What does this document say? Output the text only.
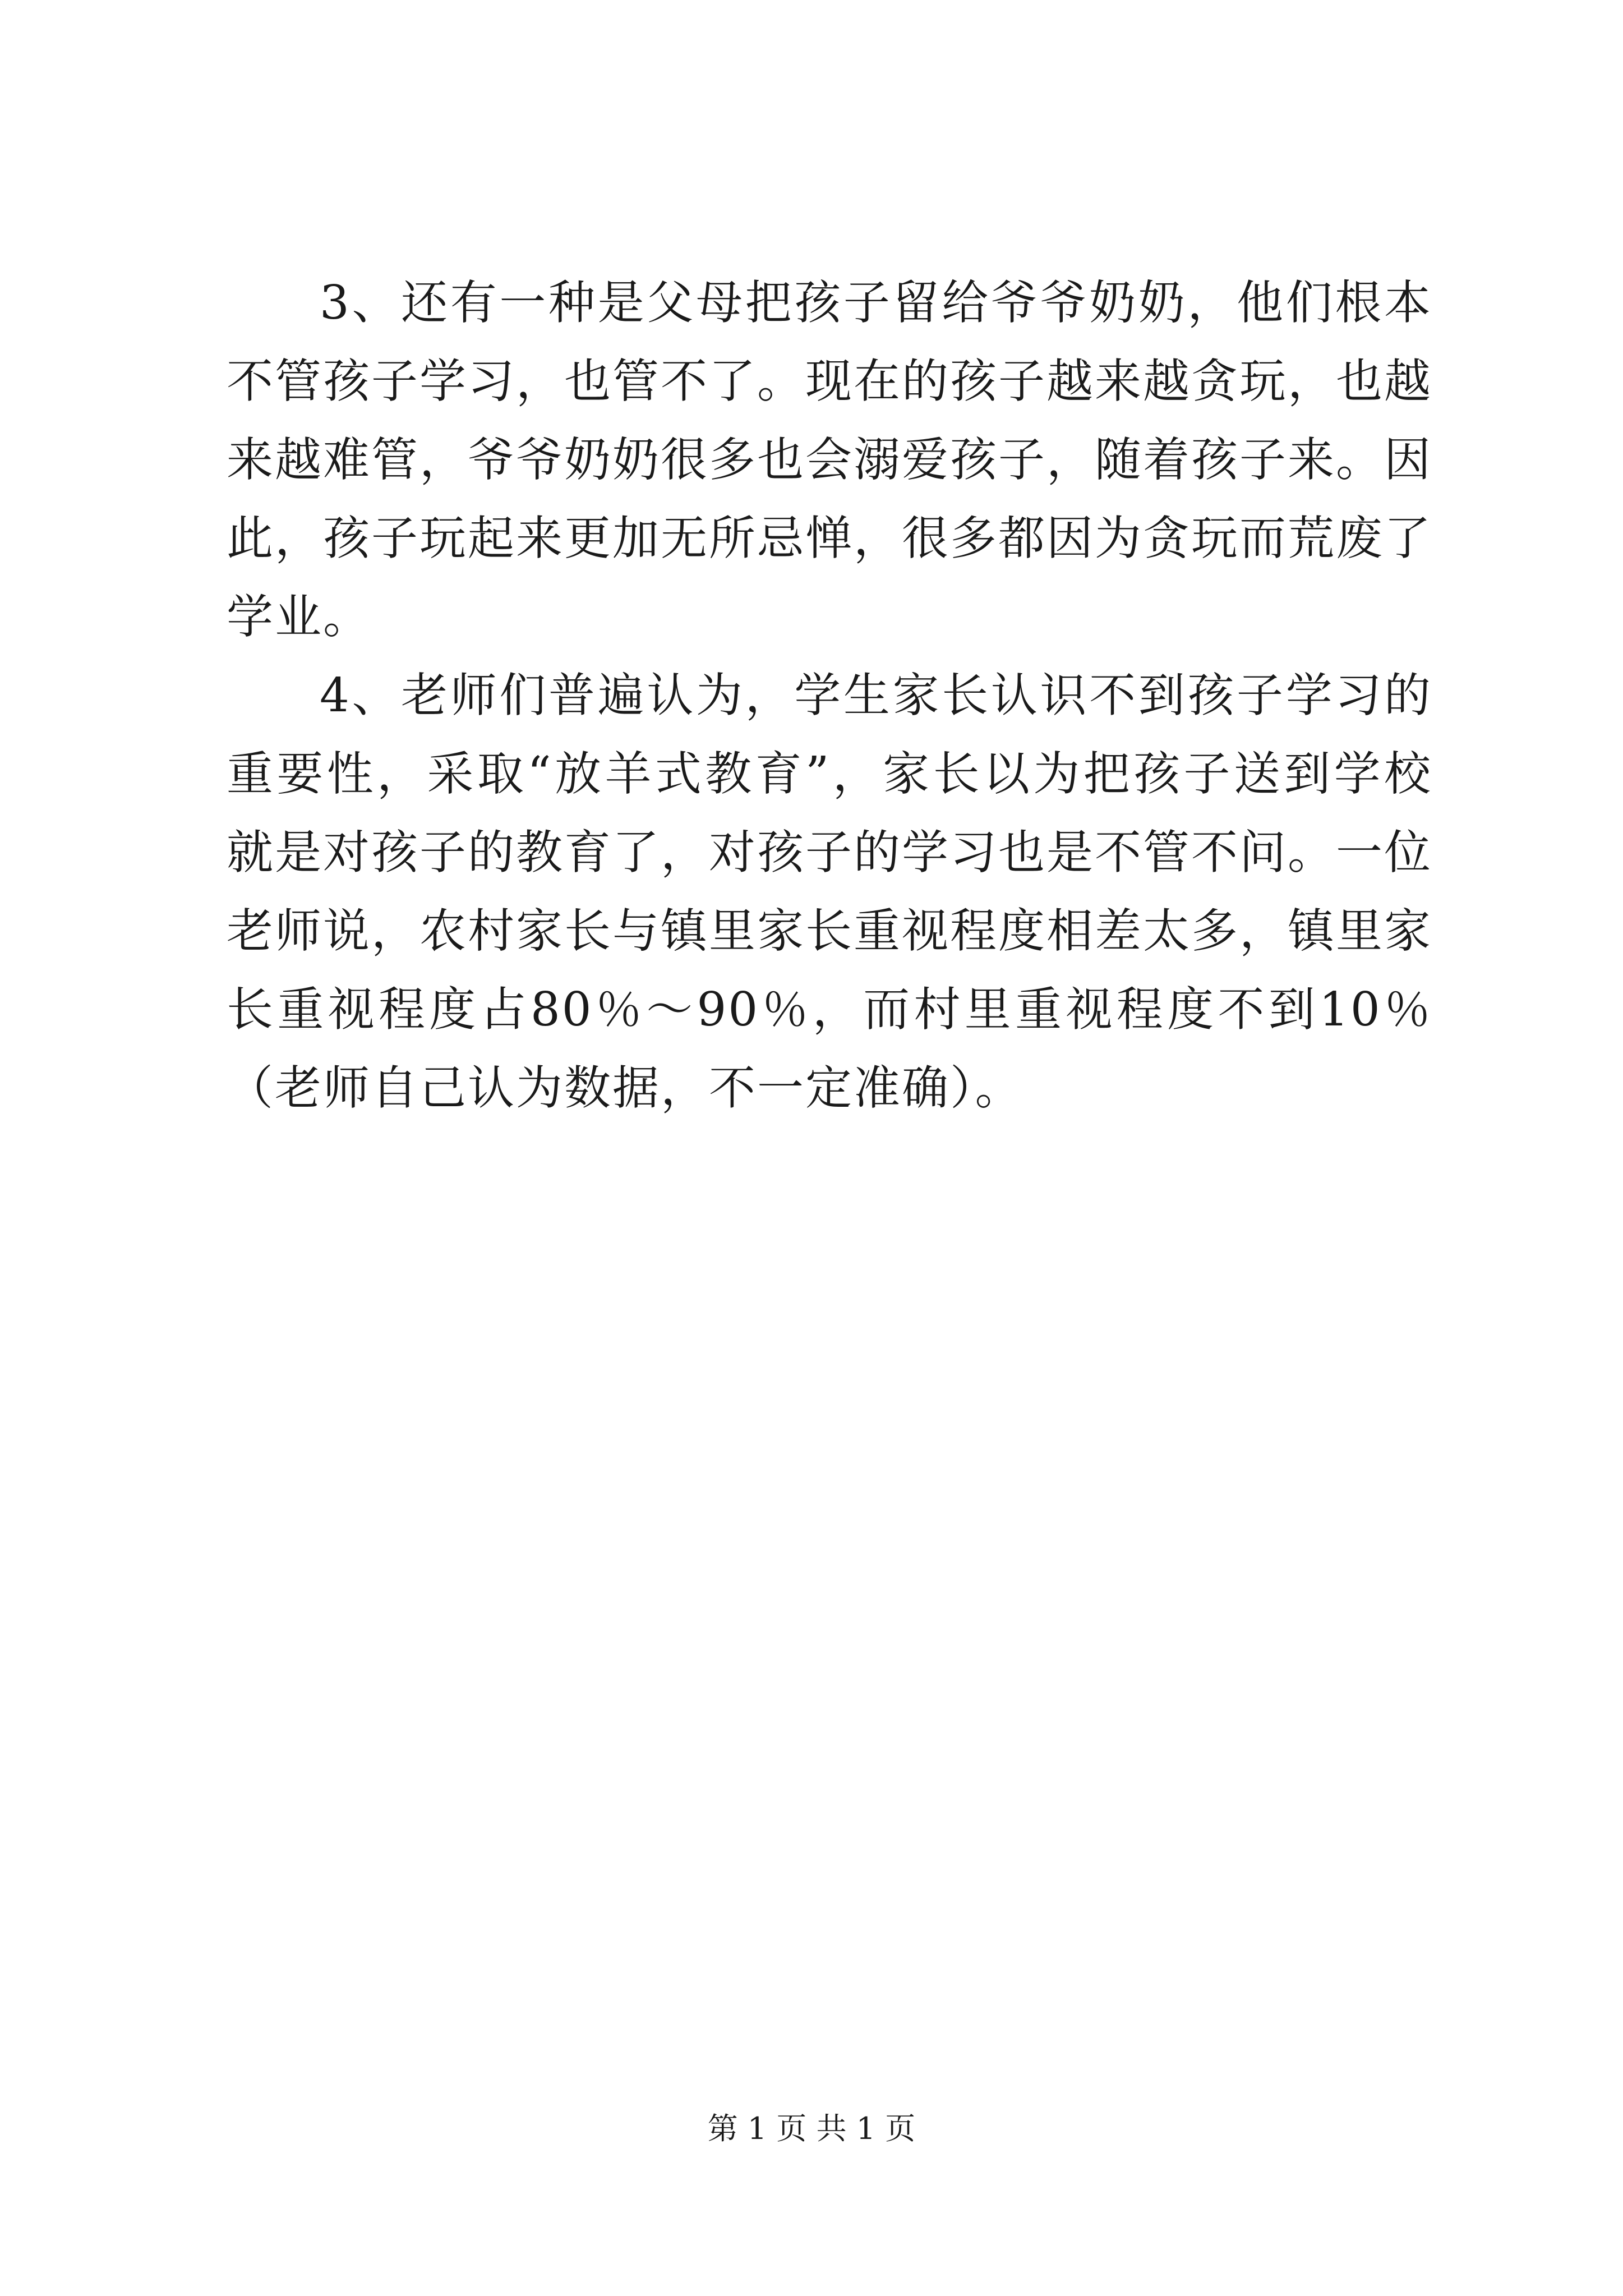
3、还有一种是父母把孩子留给爷爷奶奶，他们根本不管孩子学习，也管不了。现在的孩子越来越贪玩，也越来越难管，爷爷奶奶很多也会溺爱孩子，随着孩子来。因此，孩子玩起来更加无所忌惮，很多都因为贪玩而荒废了学业。

4、老师们普遍认为，学生家长认识不到孩子学习的重要性，采取“放羊式教育”，家长以为把孩子送到学校就是对孩子的教育了，对孩子的学习也是不管不问。一位老师说，农村家长与镇里家长重视程度相差太多，镇里家长重视程度占80％～90％，而村里重视程度不到10％（老师自己认为数据，不一定准确）。

第 1 页 共 1 页
